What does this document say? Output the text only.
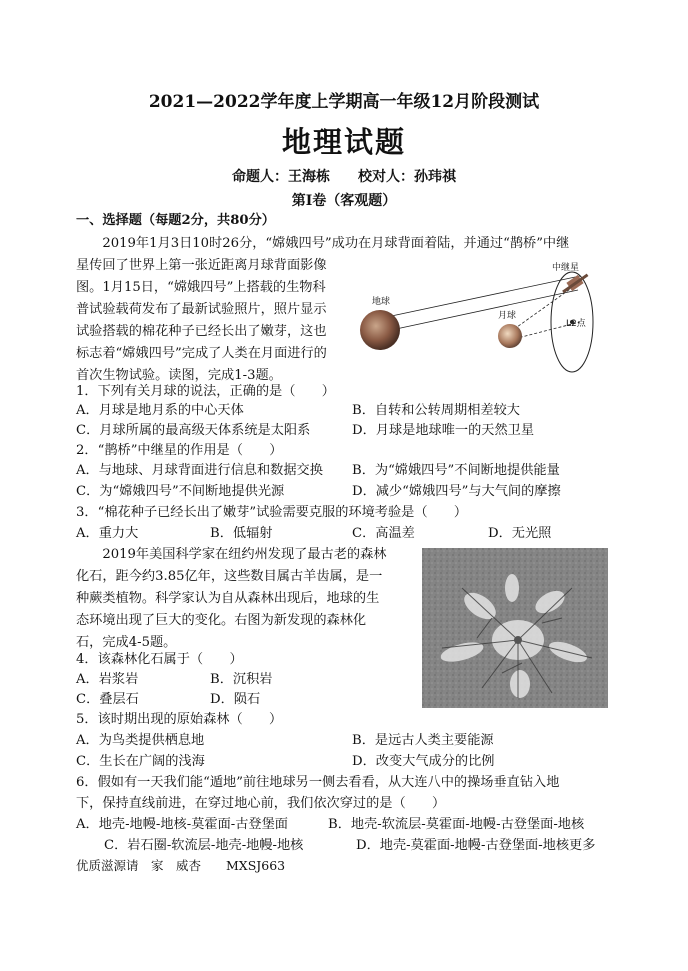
2021—2022学年度上学期高一年级12月阶段测试
地理试题
命题人：王海栋　　校对人：孙玮祺
第Ⅰ卷（客观题）
一、选择题（每题2分，共80分）
　　2019年1月3日10时26分，“嫦娥四号”成功在月球背面着陆，并通过“鹊桥”中继
星传回了世界上第一张近距离月球背面影像
图。1月15日，“嫦娥四号”上搭载的生物科
普试验载荷发布了最新试验照片，照片显示
试验搭载的棉花种子已经长出了嫩芽，这也
标志着“嫦娥四号”完成了人类在月面进行的
首次生物试验。读图，完成1-3题。
地球
月球
中继星
L2点
1．下列有关月球的说法，正确的是（　　）
A．月球是地月系的中心天体	B．自转和公转周期相差较大
C．月球所属的最高级天体系统是太阳系	D．月球是地球唯一的天然卫星
2．“鹊桥”中继星的作用是（　　）
A．与地球、月球背面进行信息和数据交换 B．为“嫦娥四号”不间断地提供能量
C．为“嫦娥四号”不间断地提供光源	D．减少“嫦娥四号”与大气间的摩擦
3．“棉花种子已经长出了嫩芽”试验需要克服的环境考验是（　　）
A．重力大	B．低辐射	C．高温差	D．无光照
　　2019年美国科学家在纽约州发现了最古老的森林
化石，距今约3.85亿年，这些数目属古羊齿属，是一
种蕨类植物。科学家认为自从森林出现后，地球的生
态环境出现了巨大的变化。右图为新发现的森林化
石，完成4-5题。
4．该森林化石属于（　　）
A．岩浆岩	B．沉积岩
C．叠层石	D．陨石
5．该时期出现的原始森林（　　）
A．为鸟类提供栖息地	B．是远古人类主要能源
C．生长在广阔的浅海	D．改变大气成分的比例
6．假如有一天我们能“遁地”前往地球另一侧去看看，从大连八中的操场垂直钻入地
下，保持直线前进，在穿过地心前，我们依次穿过的是（　　）
A．地壳-地幔-地核-莫霍面-古登堡面	B．地壳-软流层-莫霍面-地幔-古登堡面-地核
C．岩石圈-软流层-地壳-地幔-地核	D．地壳-莫霍面-地幔-古登堡面-地核更多
优质滋源请　家　威杏　　MXSJ663
